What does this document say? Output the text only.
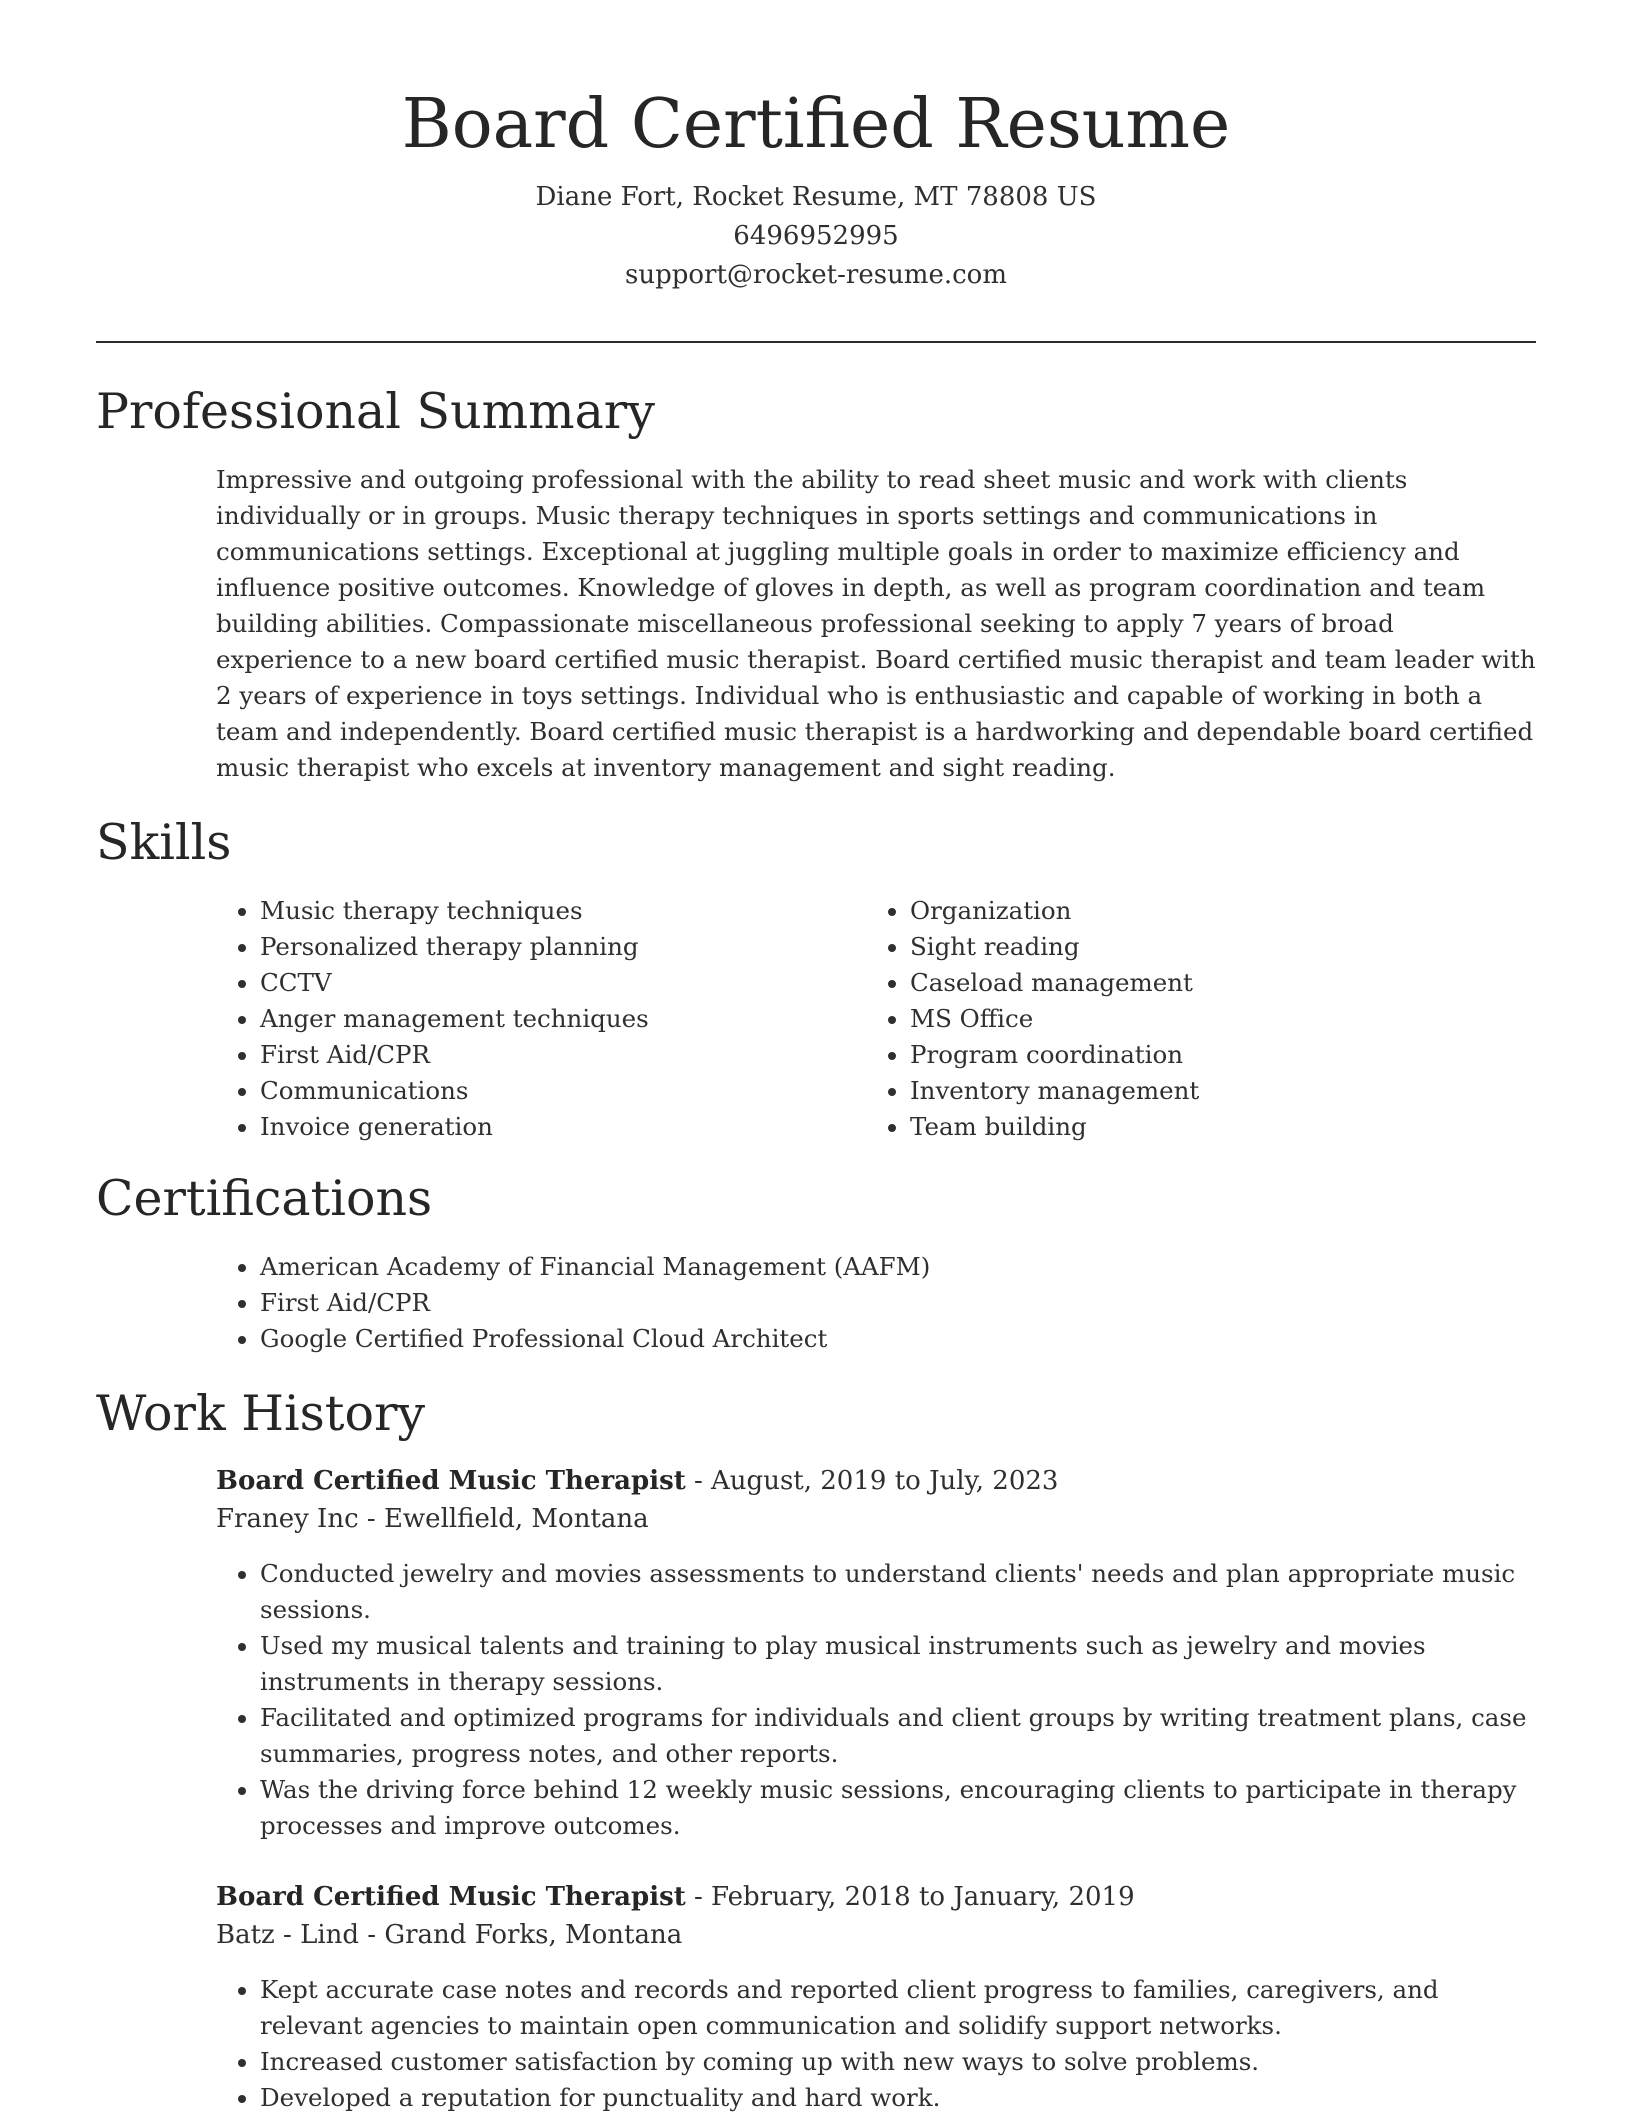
Board Certified Resume
Diane Fort, Rocket Resume, MT 78808 US
6496952995
support@rocket-resume.com
Professional Summary

Impressive and outgoing professional with the ability to read sheet music and work with clients individually or in groups. Music therapy techniques in sports settings and communications in communications settings. Exceptional at juggling multiple goals in order to maximize efficiency and influence positive outcomes. Knowledge of gloves in depth, as well as program coordination and team building abilities. Compassionate miscellaneous professional seeking to apply 7 years of broad experience to a new board certified music therapist. Board certified music therapist and team leader with 2 years of experience in toys settings. Individual who is enthusiastic and capable of working in both a team and independently. Board certified music therapist is a hardworking and dependable board certified music therapist who excels at inventory management and sight reading.

Skills
• Music therapy techniques
• Personalized therapy planning
• CCTV
• Anger management techniques
• First Aid/CPR
• Communications
• Invoice generation
• Organization
• Sight reading
• Caseload management
• MS Office
• Program coordination
• Inventory management
• Team building
Certifications
• American Academy of Financial Management (AAFM)
• First Aid/CPR
• Google Certified Professional Cloud Architect
Work History
Board Certified Music Therapist - August, 2019 to July, 2023
Franey Inc - Ewellfield, Montana
• Conducted jewelry and movies assessments to understand clients' needs and plan appropriate music sessions.
• Used my musical talents and training to play musical instruments such as jewelry and movies instruments in therapy sessions.
• Facilitated and optimized programs for individuals and client groups by writing treatment plans, case summaries, progress notes, and other reports.
• Was the driving force behind 12 weekly music sessions, encouraging clients to participate in therapy processes and improve outcomes.
Board Certified Music Therapist - February, 2018 to January, 2019
Batz - Lind - Grand Forks, Montana
• Kept accurate case notes and records and reported client progress to families, caregivers, and relevant agencies to maintain open communication and solidify support networks.
• Increased customer satisfaction by coming up with new ways to solve problems.
• Developed a reputation for punctuality and hard work.
